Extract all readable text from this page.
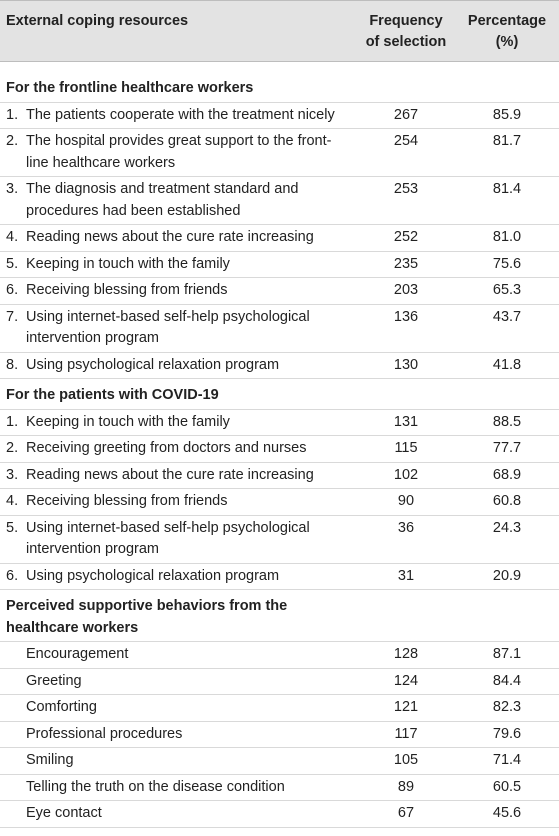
External coping resources	Frequency of selection	Percentage (%)
For the frontline healthcare workers		

1. The patients cooperate with the treatment nicely	267	85.9

2. The hospital provides great support to the front-line healthcare workers	254	81.7

3. The diagnosis and treatment standard and procedures had been established	253	81.4

4. Reading news about the cure rate increasing	252	81.0

5. Keeping in touch with the family	235	75.6

6. Receiving blessing from friends	203	65.3

7. Using internet-based self-help psychological intervention program	136	43.7

8. Using psychological relaxation program	130	41.8
For the patients with COVID-19		

1. Keeping in touch with the family	131	88.5

2. Receiving greeting from doctors and nurses	115	77.7

3. Reading news about the cure rate increasing	102	68.9

4. Receiving blessing from friends	90	60.8

5. Using internet-based self-help psychological intervention program	36	24.3

6. Using psychological relaxation program	31	20.9
Perceived supportive behaviors from the healthcare workers		

Encouragement	128	87.1

Greeting	124	84.4

Comforting	121	82.3

Professional procedures	117	79.6

Smiling	105	71.4

Telling the truth on the disease condition	89	60.5

Eye contact	67	45.6
